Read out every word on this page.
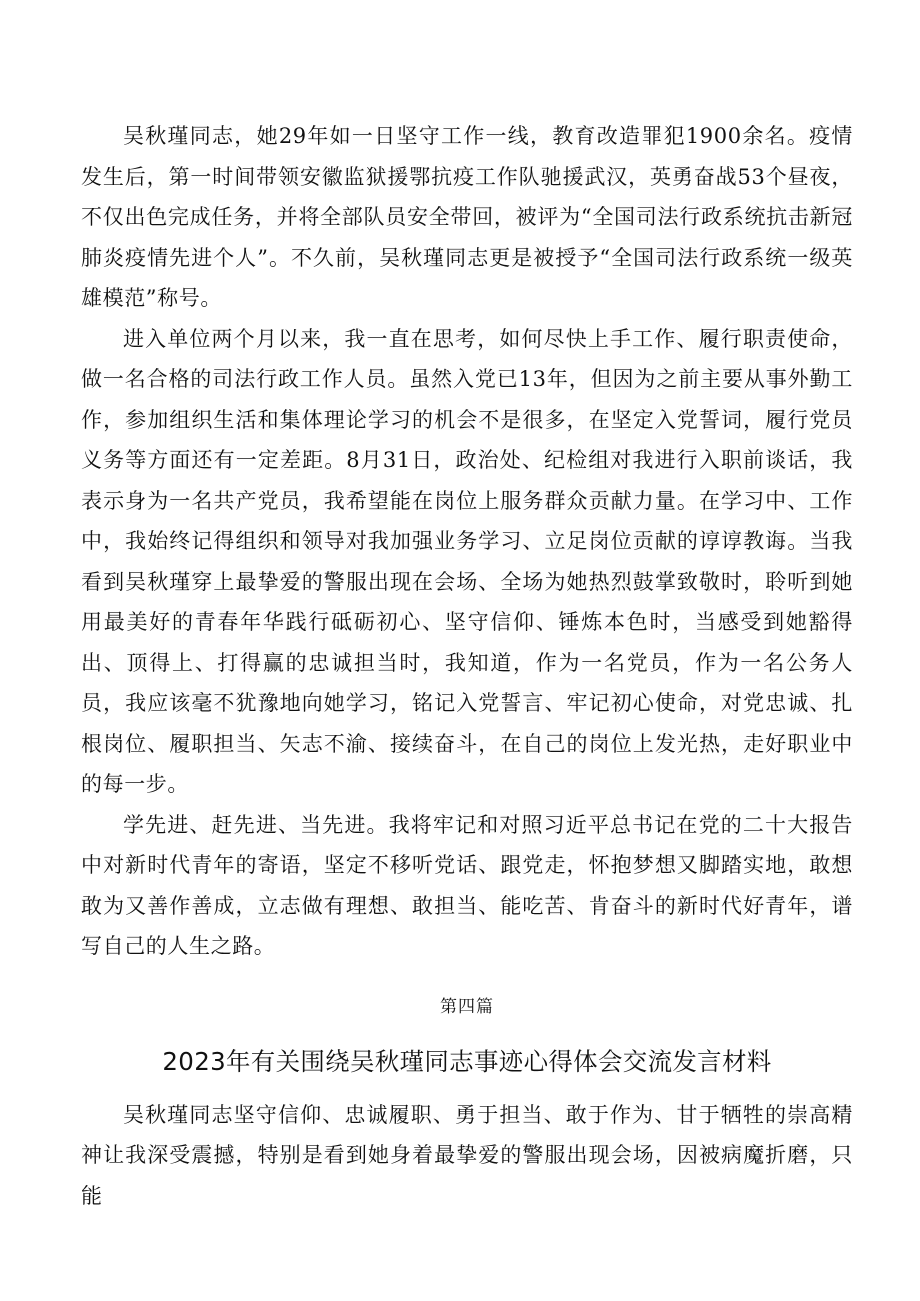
吴秋瑾同志，她29年如一日坚守工作一线，教育改造罪犯1900余名。疫情发生后，第一时间带领安徽监狱援鄂抗疫工作队驰援武汉，英勇奋战53个昼夜，不仅出色完成任务，并将全部队员安全带回，被评为“全国司法行政系统抗击新冠肺炎疫情先进个人”。不久前，吴秋瑾同志更是被授予“全国司法行政系统一级英雄模范”称号。

进入单位两个月以来，我一直在思考，如何尽快上手工作、履行职责使命，做一名合格的司法行政工作人员。虽然入党已13年，但因为之前主要从事外勤工作，参加组织生活和集体理论学习的机会不是很多，在坚定入党誓词，履行党员义务等方面还有一定差距。8月31日，政治处、纪检组对我进行入职前谈话，我表示身为一名共产党员，我希望能在岗位上服务群众贡献力量。在学习中、工作中，我始终记得组织和领导对我加强业务学习、立足岗位贡献的谆谆教诲。当我看到吴秋瑾穿上最挚爱的警服出现在会场、全场为她热烈鼓掌致敬时，聆听到她用最美好的青春年华践行砥砺初心、坚守信仰、锤炼本色时，当感受到她豁得出、顶得上、打得赢的忠诚担当时，我知道，作为一名党员，作为一名公务人员，我应该毫不犹豫地向她学习，铭记入党誓言、牢记初心使命，对党忠诚、扎根岗位、履职担当、矢志不渝、接续奋斗，在自己的岗位上发光热，走好职业中的每一步。

学先进、赶先进、当先进。我将牢记和对照习近平总书记在党的二十大报告中对新时代青年的寄语，坚定不移听党话、跟党走，怀抱梦想又脚踏实地，敢想敢为又善作善成，立志做有理想、敢担当、能吃苦、肯奋斗的新时代好青年，谱写自己的人生之路。

第四篇
2023年有关围绕吴秋瑾同志事迹心得体会交流发言材料

吴秋瑾同志坚守信仰、忠诚履职、勇于担当、敢于作为、甘于牺牲的崇高精神让我深受震撼，特别是看到她身着最挚爱的警服出现会场，因被病魔折磨，只能
